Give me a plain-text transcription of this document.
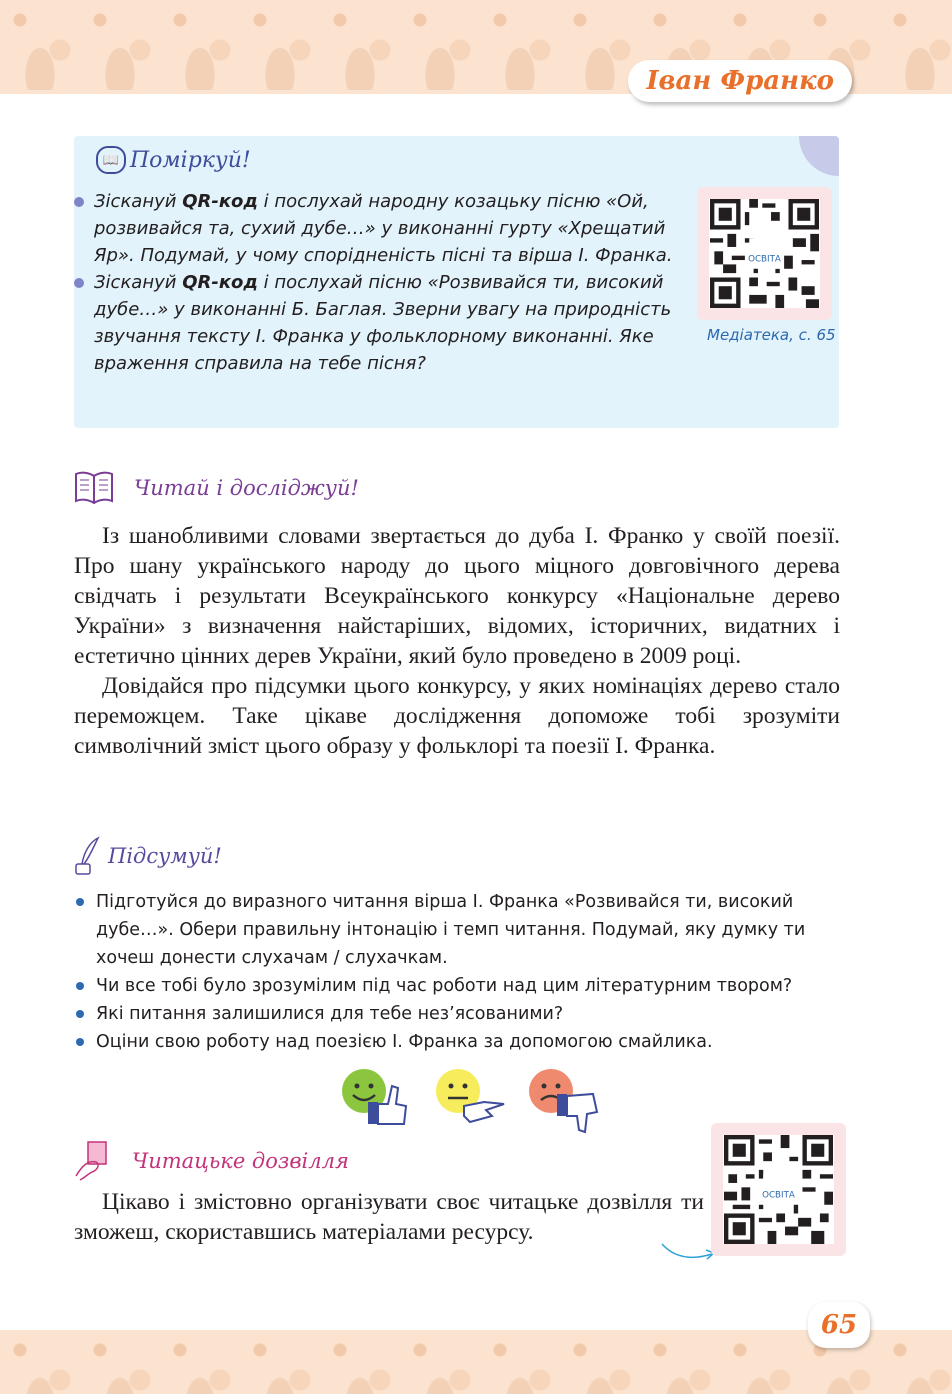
Іван Франко
📖 Поміркуй!
Зіскануй QR-код і послухай народну козацьку пісню «Ой, розвивайся та, сухий дубе…» у виконанні гурту «Хрещатий Яр». Подумай, у чому спорідненість пісні та вірша І. Франка.
Зіскануй QR-код і послухай пісню «Розвивайся ти, високий дубе…» у виконанні Б. Баглая. Зверни увагу на природність звучання тексту І. Франка у фольклорному виконанні. Яке враження справила на тебе пісня?
ОСВІТА
Медіатека, с. 65
Читай і досліджуй!

Із шанобливими словами звертається до дуба І. Франко у своїй поезії. Про шану українського народу до цього міцного довговічного дерева свідчать і результати Всеукраїнського конкурсу «Національне дерево України» з визначення найстаріших, відомих, історичних, видатних і естетично цінних дерев України, який було проведено в 2009 році.

Довідайся про підсумки цього конкурсу, у яких номінаціях дерево стало переможцем. Таке цікаве дослідження допоможе тобі зрозуміти символічний зміст цього образу у фольклорі та поезії І. Франка.

Підсумуй!
Підготуйся до виразного читання вірша І. Франка «Розвивайся ти, високий дубе…». Обери правильну інтонацію і темп читання. Подумай, яку думку ти хочеш донести слухачам / слухачкам.
Чи все тобі було зрозумілим під час роботи над цим літературним твором?
Які питання залишилися для тебе нез’ясованими?
Оціни свою роботу над поезією І. Франка за допомогою смайлика.
Читацьке дозвілля

Цікаво і змістовно організувати своє читацьке дозвілля ти зможеш, скориставшись матеріалами ресурсу.

ОСВІТА
65
